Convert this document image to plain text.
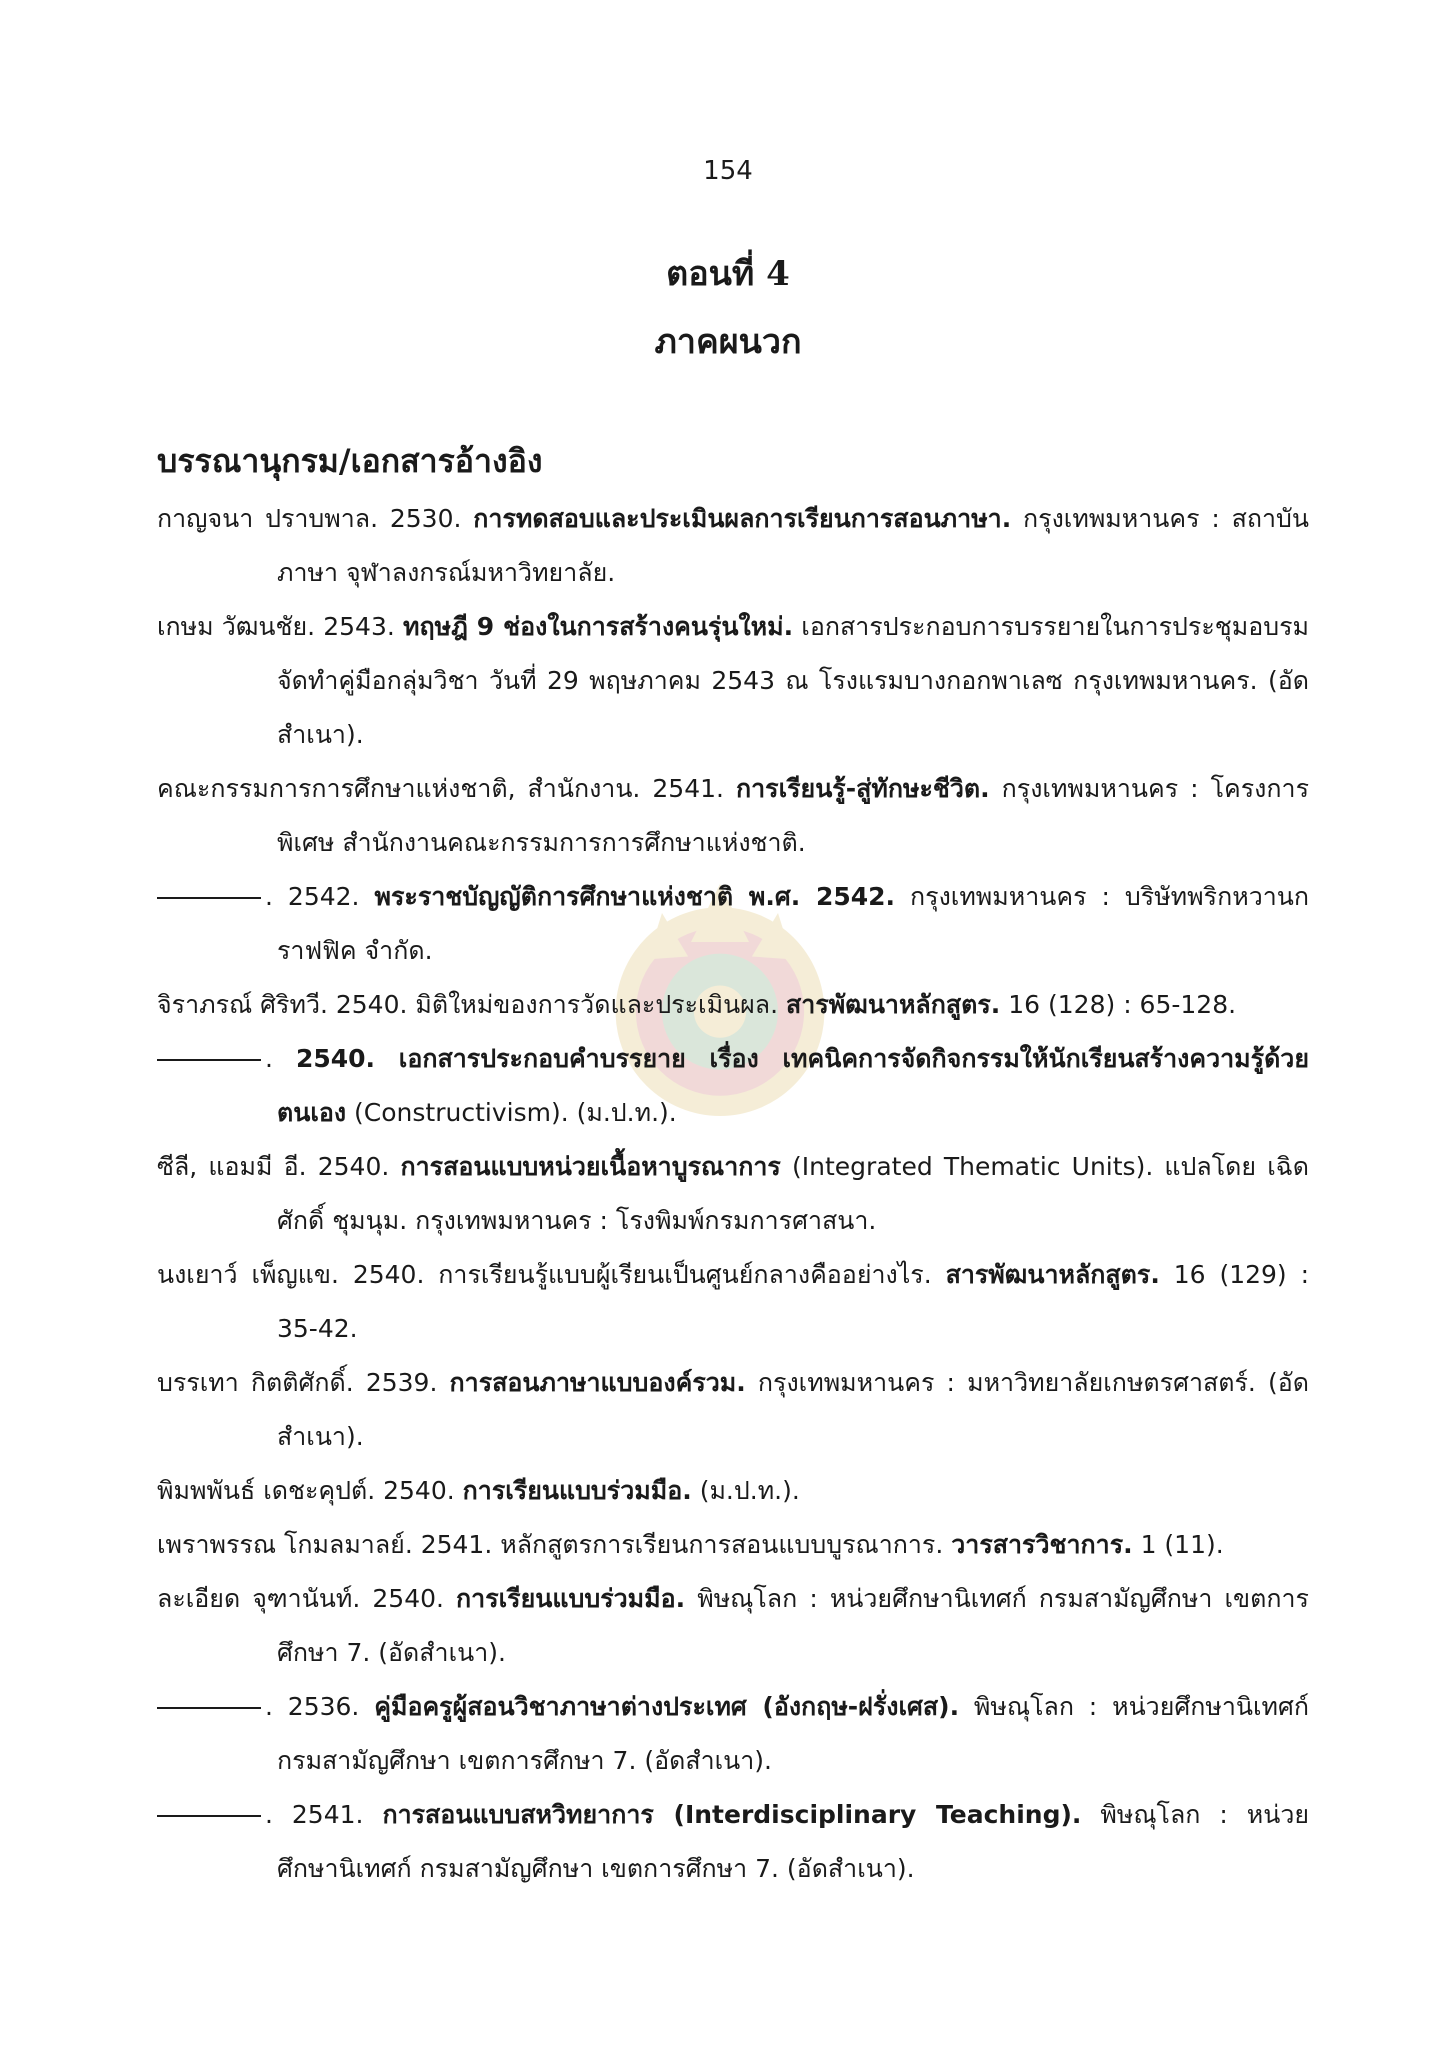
154
ตอนที่ 4
ภาคผนวก
บรรณานุกรม/เอกสารอ้างอิง

กาญจนา ปราบพาล. 2530. การทดสอบและประเมินผลการเรียนการสอนภาษา. กรุงเทพมหานคร : สถาบันภาษา จุฬาลงกรณ์มหาวิทยาลัย.

เกษม วัฒนชัย. 2543. ทฤษฎี 9 ช่องในการสร้างคนรุ่นใหม่. เอกสารประกอบการบรรยายในการประชุมอบรมจัดทำคู่มือกลุ่มวิชา วันที่ 29 พฤษภาคม 2543 ณ โรงแรมบางกอกพาเลซ กรุงเทพมหานคร. (อัดสำเนา).

คณะกรรมการการศึกษาแห่งชาติ, สำนักงาน. 2541. การเรียนรู้-สู่ทักษะชีวิต. กรุงเทพมหานคร : โครงการพิเศษ สำนักงานคณะกรรมการการศึกษาแห่งชาติ.

. 2542. พระราชบัญญัติการศึกษาแห่งชาติ พ.ศ. 2542. กรุงเทพมหานคร : บริษัทพริกหวานกราฟฟิค จำกัด.

จิราภรณ์ ศิริทวี. 2540. มิติใหม่ของการวัดและประเมินผล. สารพัฒนาหลักสูตร. 16 (128) : 65-128.

. 2540. เอกสารประกอบคำบรรยาย เรื่อง เทคนิคการจัดกิจกรรมให้นักเรียนสร้างความรู้ด้วยตนเอง (Constructivism). (ม.ป.ท.).

ซีลี, แอมมี อี. 2540. การสอนแบบหน่วยเนื้อหาบูรณาการ (Integrated Thematic Units). แปลโดย เฉิดศักดิ์ ชุมนุม. กรุงเทพมหานคร : โรงพิมพ์กรมการศาสนา.

นงเยาว์ เพ็ญแข. 2540. การเรียนรู้แบบผู้เรียนเป็นศูนย์กลางคืออย่างไร. สารพัฒนาหลักสูตร. 16 (129) : 35-42.

บรรเทา กิตติศักดิ์. 2539. การสอนภาษาแบบองค์รวม. กรุงเทพมหานคร : มหาวิทยาลัยเกษตรศาสตร์. (อัดสำเนา).

พิมพพันธ์ เดชะคุปต์. 2540. การเรียนแบบร่วมมือ. (ม.ป.ท.).

เพราพรรณ โกมลมาลย์. 2541. หลักสูตรการเรียนการสอนแบบบูรณาการ. วารสารวิชาการ. 1 (11).

ละเอียด จุฑานันท์. 2540. การเรียนแบบร่วมมือ. พิษณุโลก : หน่วยศึกษานิเทศก์ กรมสามัญศึกษา เขตการศึกษา 7. (อัดสำเนา).

. 2536. คู่มือครูผู้สอนวิชาภาษาต่างประเทศ (อังกฤษ-ฝรั่งเศส). พิษณุโลก : หน่วยศึกษานิเทศก์ กรมสามัญศึกษา เขตการศึกษา 7. (อัดสำเนา).

. 2541. การสอนแบบสหวิทยาการ (Interdisciplinary Teaching). พิษณุโลก : หน่วยศึกษานิเทศก์ กรมสามัญศึกษา เขตการศึกษา 7. (อัดสำเนา).
